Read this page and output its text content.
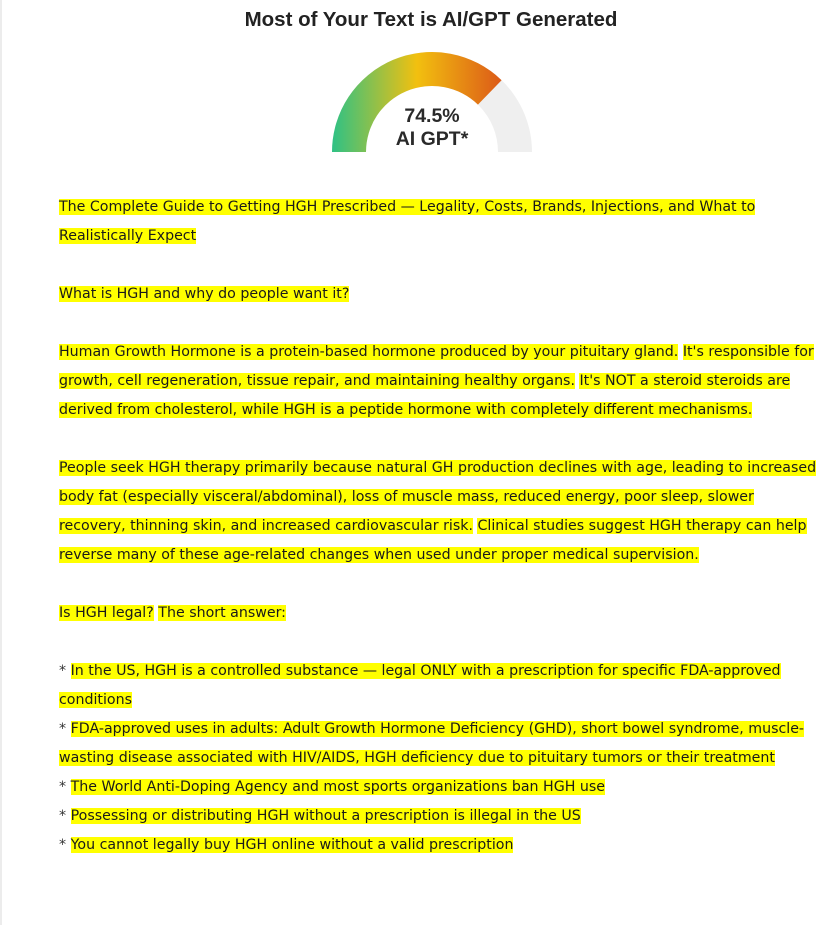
Most of Your Text is AI/GPT Generated
74.5%
AI GPT*

The Complete Guide to Getting HGH Prescribed — Legality, Costs, Brands, Injections, and What to Realistically Expect

What is HGH and why do people want it?

Human Growth Hormone is a protein-based hormone produced by your pituitary gland. It's responsible for growth, cell regeneration, tissue repair, and maintaining healthy organs. It's NOT a steroid steroids are derived from cholesterol, while HGH is a peptide hormone with completely different mechanisms.

People seek HGH therapy primarily because natural GH production declines with age, leading to increased body fat (especially visceral/abdominal), loss of muscle mass, reduced energy, poor sleep, slower recovery, thinning skin, and increased cardiovascular risk. Clinical studies suggest HGH therapy can help reverse many of these age-related changes when used under proper medical supervision.

Is HGH legal? The short answer:

* In the US, HGH is a controlled substance — legal ONLY with a prescription for specific FDA-approved conditions

* FDA-approved uses in adults: Adult Growth Hormone Deficiency (GHD), short bowel syndrome, muscle-wasting disease associated with HIV/AIDS, HGH deficiency due to pituitary tumors or their treatment

* The World Anti-Doping Agency and most sports organizations ban HGH use

* Possessing or distributing HGH without a prescription is illegal in the US

* You cannot legally buy HGH online without a valid prescription
